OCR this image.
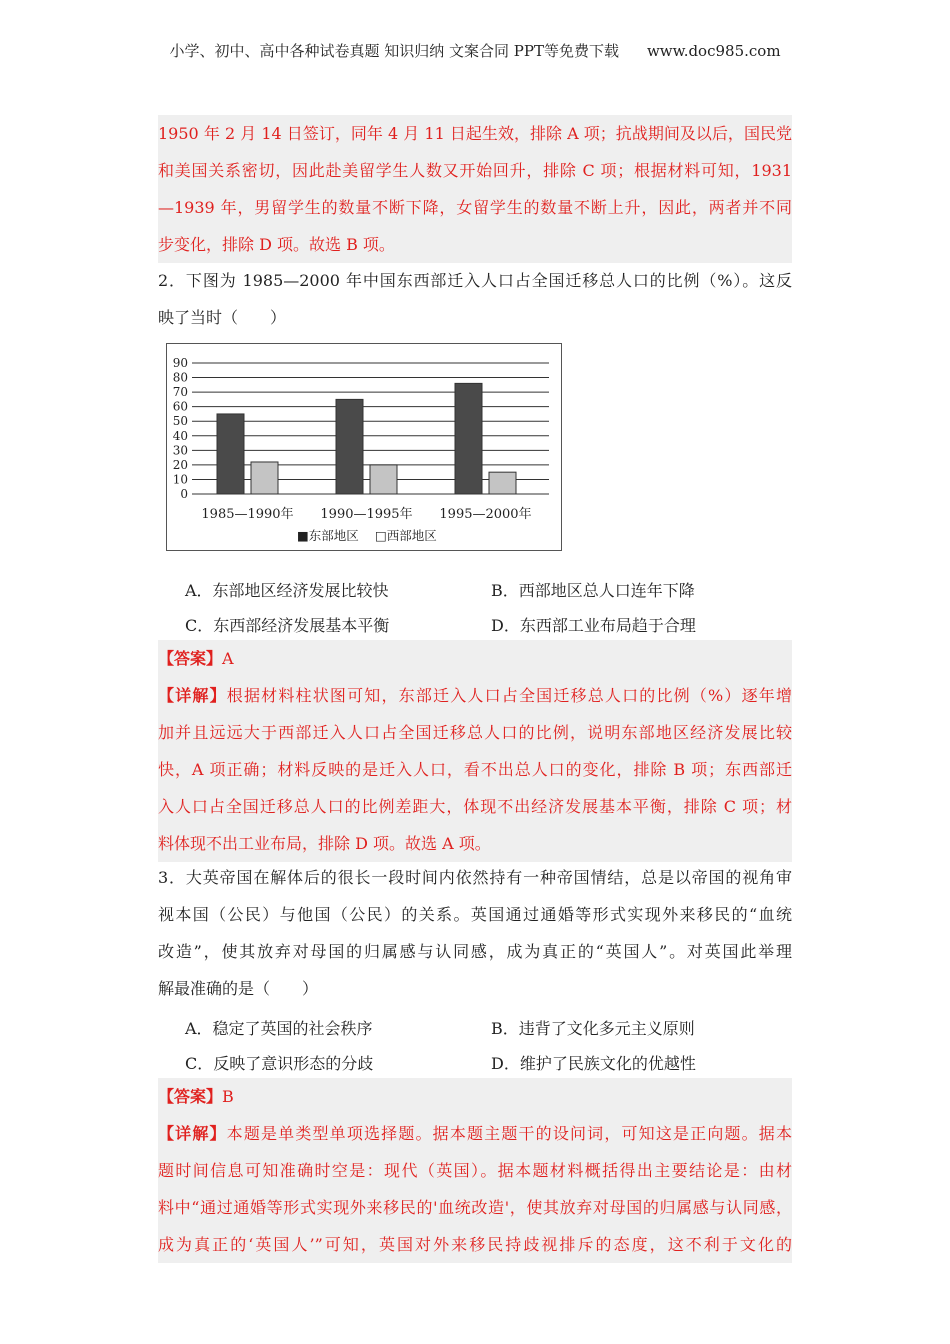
小学、初中、高中各种试卷真题 知识归纳 文案合同 PPT等免费下载 www.doc985.com
1950 年 2 月 14 日签订，同年 4 月 11 日起生效，排除 A 项；抗战期间及以后，国民党
和美国关系密切，因此赴美留学生人数又开始回升，排除 C 项；根据材料可知，1931
—1939 年，男留学生的数量不断下降，女留学生的数量不断上升，因此，两者并不同
步变化，排除 D 项。故选 B 项。
2．下图为 1985—2000 年中国东西部迁入人口占全国迁移总人口的比例（%）。这反
映了当时（　　）
0
10
20
30
40
50
60
70
80
90
1985—1990年 1990—1995年 1995—2000年
■东部地区 □西部地区
A．东部地区经济发展比较快	B．西部地区总人口连年下降
C．东西部经济发展基本平衡	D．东西部工业布局趋于合理
【答案】A
【详解】根据材料柱状图可知，东部迁入人口占全国迁移总人口的比例（%）逐年增
加并且远远大于西部迁入人口占全国迁移总人口的比例，说明东部地区经济发展比较
快，A 项正确；材料反映的是迁入人口，看不出总人口的变化，排除 B 项；东西部迁
入人口占全国迁移总人口的比例差距大，体现不出经济发展基本平衡，排除 C 项；材
料体现不出工业布局，排除 D 项。故选 A 项。
3．大英帝国在解体后的很长一段时间内依然持有一种帝国情结，总是以帝国的视角审
视本国（公民）与他国（公民）的关系。英国通过通婚等形式实现外来移民的“血统
改造”，使其放弃对母国的归属感与认同感，成为真正的“英国人”。对英国此举理
解最准确的是（　　）
A．稳定了英国的社会秩序	B．违背了文化多元主义原则
C．反映了意识形态的分歧	D．维护了民族文化的优越性
【答案】B
【详解】本题是单类型单项选择题。据本题主题干的设问词，可知这是正向题。据本
题时间信息可知准确时空是：现代（英国）。据本题材料概括得出主要结论是：由材
料中“通过通婚等形式实现外来移民的'血统改造'，使其放弃对母国的归属感与认同感，
成为真正的‘英国人’”可知，英国对外来移民持歧视排斥的态度，这不利于文化的
